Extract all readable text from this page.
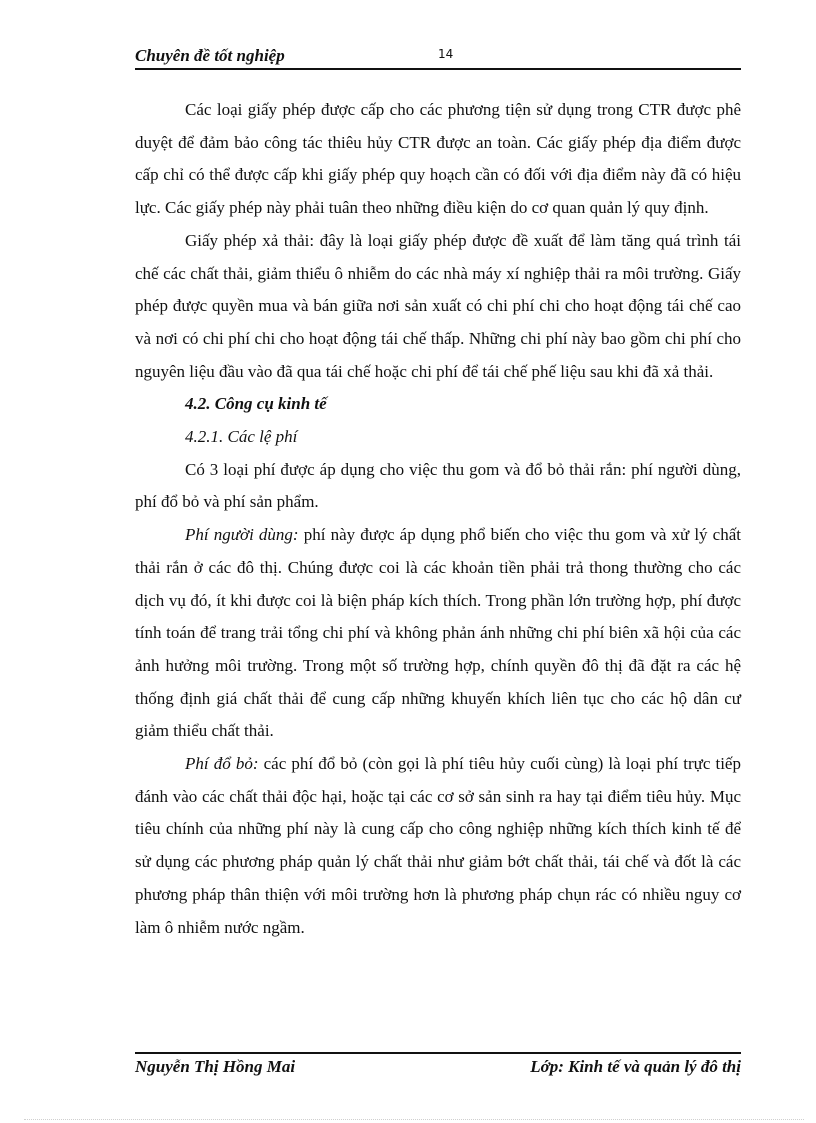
Chuyên đề tốt nghiệp	14

Các loại giấy phép được cấp cho các phương tiện sử dụng trong CTR được phê duyệt để đảm bảo công tác thiêu hủy CTR được an toàn. Các giấy phép địa điểm được cấp chỉ có thể được cấp khi giấy phép quy hoạch cần có đối với địa điểm này đã có hiệu lực. Các giấy phép này phải tuân theo những điều kiện do cơ quan quản lý quy định.

Giấy phép xả thải: đây là loại giấy phép được đề xuất để làm tăng quá trình tái chế các chất thải, giảm thiểu ô nhiễm do các nhà máy xí nghiệp thải ra môi trường. Giấy phép được quyền mua và bán giữa nơi sản xuất có chi phí chi cho hoạt động tái chế cao và nơi có chi phí chi cho hoạt động tái chế thấp. Những chi phí này bao gồm chi phí cho nguyên liệu đầu vào đã qua tái chế hoặc chi phí để tái chế phế liệu sau khi đã xả thải.

4.2. Công cụ kinh tế
4.2.1. Các lệ phí

Có 3 loại phí được áp dụng cho việc thu gom và đổ bỏ thải rắn: phí người dùng, phí đổ bỏ và phí sản phẩm.

Phí người dùng: phí này được áp dụng phổ biến cho việc thu gom và xử lý chất thải rắn ở các đô thị. Chúng được coi là các khoản tiền phải trả thong thường cho các dịch vụ đó, ít khi được coi là biện pháp kích thích. Trong phần lớn trường hợp, phí được tính toán để trang trải tổng chi phí và không phản ánh những chi phí biên xã hội của các ảnh hưởng môi trường. Trong một số trường hợp, chính quyền đô thị đã đặt ra các hệ thống định giá chất thải để cung cấp những khuyến khích liên tục cho các hộ dân cư giảm thiểu chất thải.

Phí đổ bỏ: các phí đổ bỏ (còn gọi là phí tiêu hủy cuối cùng) là loại phí trực tiếp đánh vào các chất thải độc hại, hoặc tại các cơ sở sản sinh ra hay tại điểm tiêu hủy. Mục tiêu chính của những phí này là cung cấp cho công nghiệp những kích thích kinh tế để sử dụng các phương pháp quản lý chất thải như giảm bớt chất thải, tái chế và đốt là các phương pháp thân thiện với môi trường hơn là phương pháp chụn rác có nhiều nguy cơ làm ô nhiễm nước ngầm.

Nguyễn Thị Hồng Mai	Lớp: Kinh tế và quản lý đô thị
